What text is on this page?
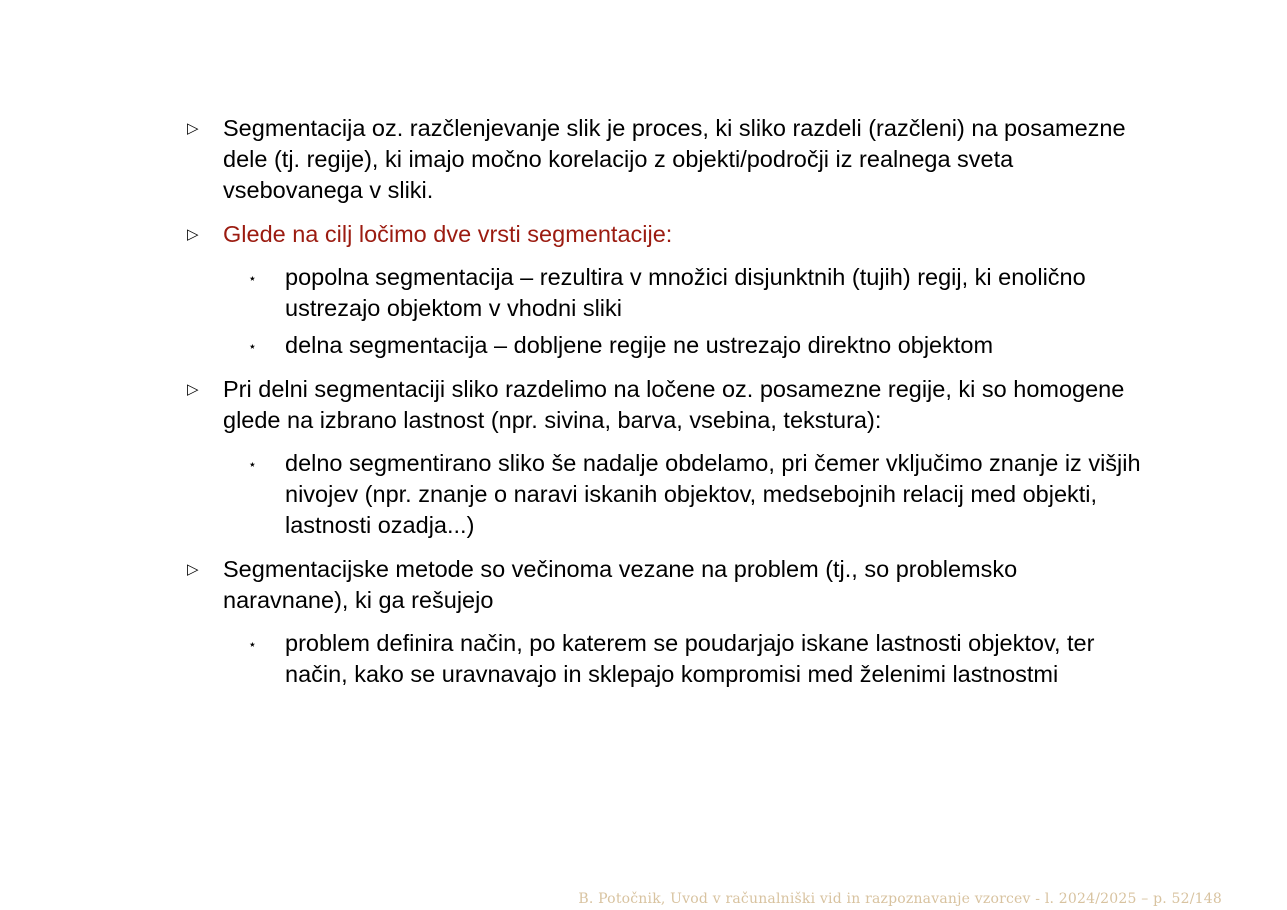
▷ Segmentacija oz. razčlenjevanje slik je proces, ki sliko razdeli (razčleni) na posamezne dele (tj. regije), ki imajo močno korelacijo z objekti/področji iz realnega sveta vsebovanega v sliki.
▷ Glede na cilj ločimo dve vrsti segmentacije:
⋆ popolna segmentacija – rezultira v množici disjunktnih (tujih) regij, ki enolično ustrezajo objektom v vhodni sliki
⋆ delna segmentacija – dobljene regije ne ustrezajo direktno objektom
▷ Pri delni segmentaciji sliko razdelimo na ločene oz. posamezne regije, ki so homogene glede na izbrano lastnost (npr. sivina, barva, vsebina, tekstura):
⋆ delno segmentirano sliko še nadalje obdelamo, pri čemer vključimo znanje iz višjih nivojev (npr. znanje o naravi iskanih objektov, medsebojnih relacij med objekti, lastnosti ozadja...)
▷ Segmentacijske metode so večinoma vezane na problem (tj., so problemsko naravnane), ki ga rešujejo
⋆ problem definira način, po katerem se poudarjajo iskane lastnosti objektov, ter način, kako se uravnavajo in sklepajo kompromisi med želenimi lastnostmi
B. Potočnik, Uvod v računalniški vid in razpoznavanje vzorcev - l. 2024/2025 – p. 52/148
